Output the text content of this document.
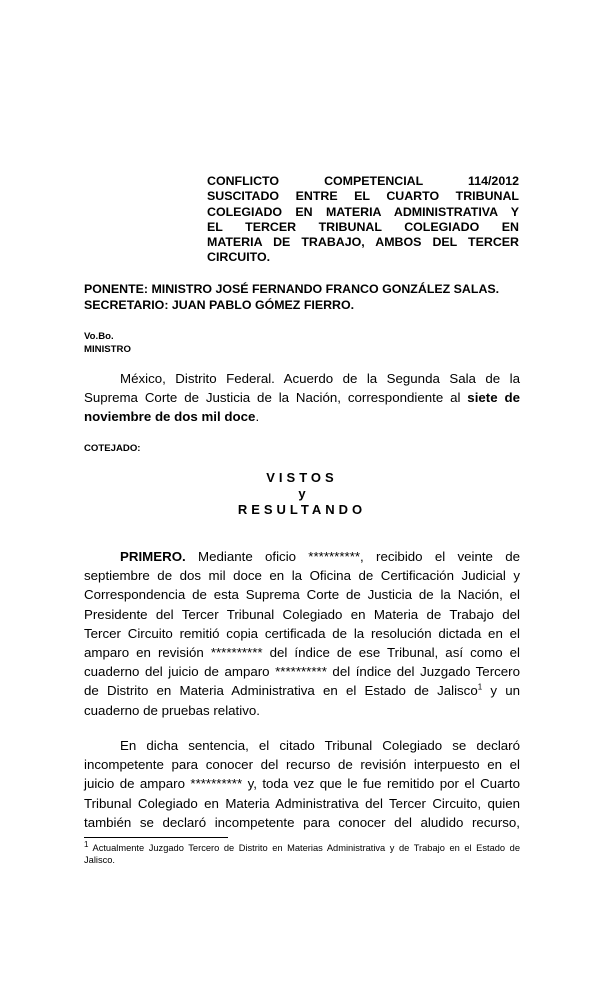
CONFLICTO COMPETENCIAL 114/2012
SUSCITADO ENTRE EL CUARTO TRIBUNAL
COLEGIADO EN MATERIA ADMINISTRATIVA Y
EL TERCER TRIBUNAL COLEGIADO EN
MATERIA DE TRABAJO, AMBOS DEL TERCER
CIRCUITO.
PONENTE: MINISTRO JOSÉ FERNANDO FRANCO GONZÁLEZ SALAS.
SECRETARIO: JUAN PABLO GÓMEZ FIERRO.
Vo.Bo.
MINISTRO
México, Distrito Federal. Acuerdo de la Segunda Sala de la
Suprema Corte de Justicia de la Nación, correspondiente al siete de
noviembre de dos mil doce.
COTEJADO:
VISTOS
y
RESULTANDO
PRIMERO. Mediante oficio **********, recibido el veinte de
septiembre de dos mil doce en la Oficina de Certificación Judicial y
Correspondencia de esta Suprema Corte de Justicia de la Nación, el
Presidente del Tercer Tribunal Colegiado en Materia de Trabajo del
Tercer Circuito remitió copia certificada de la resolución dictada en el
amparo en revisión ********** del índice de ese Tribunal, así como el
cuaderno del juicio de amparo ********** del índice del Juzgado Tercero
de Distrito en Materia Administrativa en el Estado de Jalisco$^1$ y un
cuaderno de pruebas relativo.
En dicha sentencia, el citado Tribunal Colegiado se declaró
incompetente para conocer del recurso de revisión interpuesto en el
juicio de amparo ********** y, toda vez que le fue remitido por el Cuarto
Tribunal Colegiado en Materia Administrativa del Tercer Circuito, quien
también se declaró incompetente para conocer del aludido recurso,
$^1$ Actualmente Juzgado Tercero de Distrito en Materias Administrativa y de Trabajo en el Estado de Jalisco.
